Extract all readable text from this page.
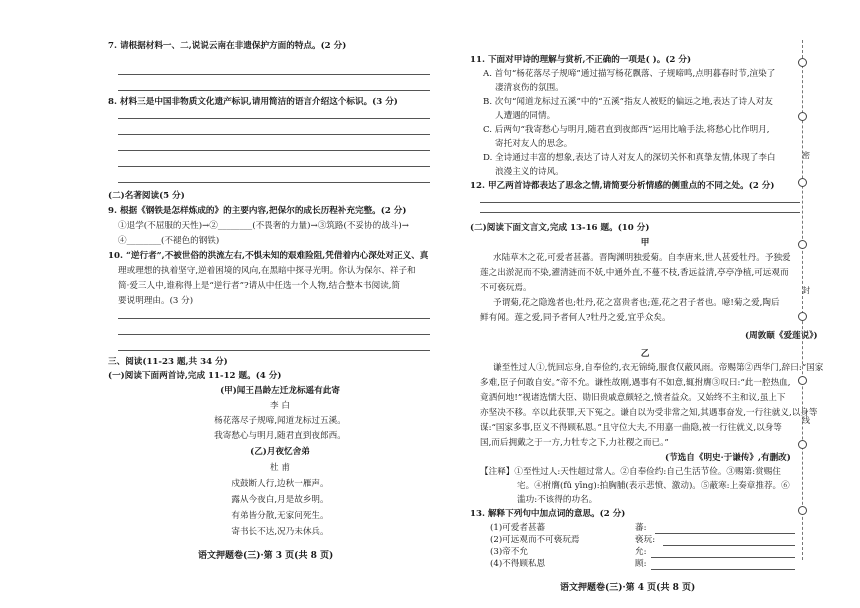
7. 请根据材料一、二,说说云南在非遗保护方面的特点。(2 分)
8. 材料三是中国非物质文化遗产标识,请用简洁的语言介绍这个标识。(3 分)
(二)名著阅读(5 分)
9. 根据《钢铁是怎样炼成的》的主要内容,把保尔的成长历程补充完整。(2 分)
①退学(不屈服的天性)→②________(不畏奢的力量)→③筑路(不妥协的战斗)→
④________(不褪色的钢铁)
10. “逆行者”,不被世俗的洪流左右,不惧未知的艰难险阻,凭借着内心深处对正义、真
理或理想的执着坚守,逆着困境的风向,在黑暗中探寻光明。你认为保尔、祥子和
简·爱三人中,谁称得上是“逆行者”?请从中任选一个人物,结合整本书阅读,简
要说明理由。(3 分)
三、阅读(11-23 题,共 34 分)
(一)阅读下面两首诗,完成 11-12 题。(4 分)
(甲)闻王昌龄左迁龙标遥有此寄
李 白
杨花落尽子规啼,闻道龙标过五溪。
我寄愁心与明月,随君直到夜郎西。
(乙)月夜忆舍弟
杜 甫
戍鼓断人行,边秋一雁声。
露从今夜白,月是故乡明。
有弟皆分散,无家问死生。
寄书长不达,况乃未休兵。
语文押题卷(三)·第 3 页(共 8 页)
11. 下面对甲诗的理解与赏析,不正确的一项是( )。(2 分)
A. 首句“杨花落尽子规啼”通过描写杨花飘落、子规啼鸣,点明暮春时节,渲染了
凄清哀伤的氛围。
B. 次句“闻道龙标过五溪”中的“五溪”指友人被贬的偏远之地,表达了诗人对友
人遭遇的同情。
C. 后两句“我寄愁心与明月,随君直到夜郎西”运用比喻手法,将愁心比作明月,
寄托对友人的思念。
D. 全诗通过丰富的想象,表达了诗人对友人的深切关怀和真挚友情,体现了李白
浪漫主义的诗风。
12. 甲乙两首诗都表达了思念之情,请简要分析情感的侧重点的不同之处。(2 分)
(二)阅读下面文言文,完成 13-16 题。(10 分)
甲
水陆草木之花,可爱者甚蕃。晋陶渊明独爱菊。自李唐来,世人甚爱牡丹。予独爱
莲之出淤泥而不染,濯清涟而不妖,中通外直,不蔓不枝,香远益清,亭亭净植,可远观而
不可亵玩焉。
予谓菊,花之隐逸者也;牡丹,花之富贵者也;莲,花之君子者也。噫!菊之爱,陶后
鲜有闻。莲之爱,同予者何人?牡丹之爱,宜乎众矣。
(周敦颐《爱莲说》)
乙
谦至性过人①,恍回忘身,自奉俭约,衣无锦绮,服食仅蔽风雨。帝赐第②西华门,辞曰:“国家
多难,臣子何敢自安。”帝不允。谦性故刚,遇事有不如意,辄拊膺③叹曰:“此一腔热血,
竟洒何地!”视诸选懦大臣、勋旧贵戚意颇轻之,愤者益众。又始终不主和议,虽上下
亦坚决不移。卒以此获罪,天下冤之。谦自以为受非常之知,其遇事奋发,一行往就义,以身等
谋:“国家多事,臣义不得顾私恩。”且守位大夫,不用嘉一曲隐,被一行往就义,以身等
国,而后拥戴之于一方,力牡专之下,力社稷之而已。”
(节选自《明史·于谦传》,有删改)
【注释】①至性过人:天性超过常人。②自奉俭约:自己生活节俭。③赐第:赏赐住
宅。④拊膺(fǔ yīng):拍胸脯(表示悲愤、激动)。⑤蔽寒:上奏章推荐。⑥
滥功:不该得的功名。
13. 解释下列句中加点词的意思。(2 分)
(1)可爱者甚蕃	蕃:
(2)可远观而不可亵玩焉	亵玩:
(3)帝不允	允:
(4)不得顾私恩	顾:
语文押题卷(三)·第 4 页(共 8 页)
密
封
线
